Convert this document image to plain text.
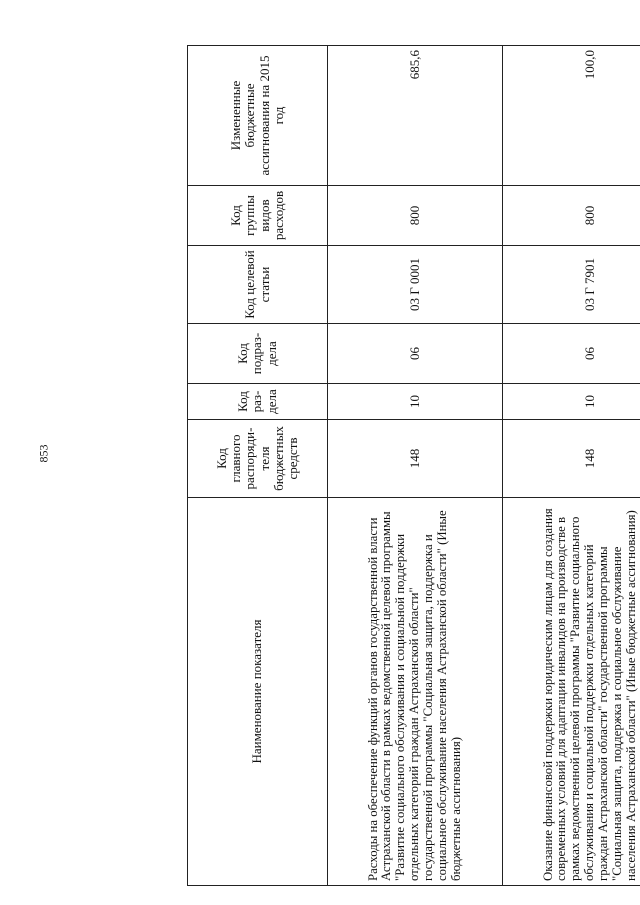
853
Наименование показателя	Код главного распоряди- теля бюджетных средств	Код раз- дела	Код подраз- дела	Код целевой статьи	Код группы видов расходов	Измененные бюджетные ассигнования на 2015 год
Расходы на обеспечение функций органов государственной власти Астраханской области в рамках ведомственной целевой программы "Развитие социального обслуживания и социальной поддержки отдельных категорий граждан Астраханской области" государственной программы "Социальная защита, поддержка и социальное обслуживание населения Астраханской области" (Иные бюджетные ассигнования)	148	10	06	03 Г 0001	800	685,6
Оказание финансовой поддержки юридическим лицам для создания современных условий для адаптации инвалидов на производстве в рамках ведомственной целевой программы "Развитие социального обслуживания и социальной поддержки отдельных категорий граждан Астраханской области" государственной программы "Социальная защита, поддержка и социальное обслуживание населения Астраханской области" (Иные бюджетные ассигнования)	148	10	06	03 Г 7901	800	100,0
